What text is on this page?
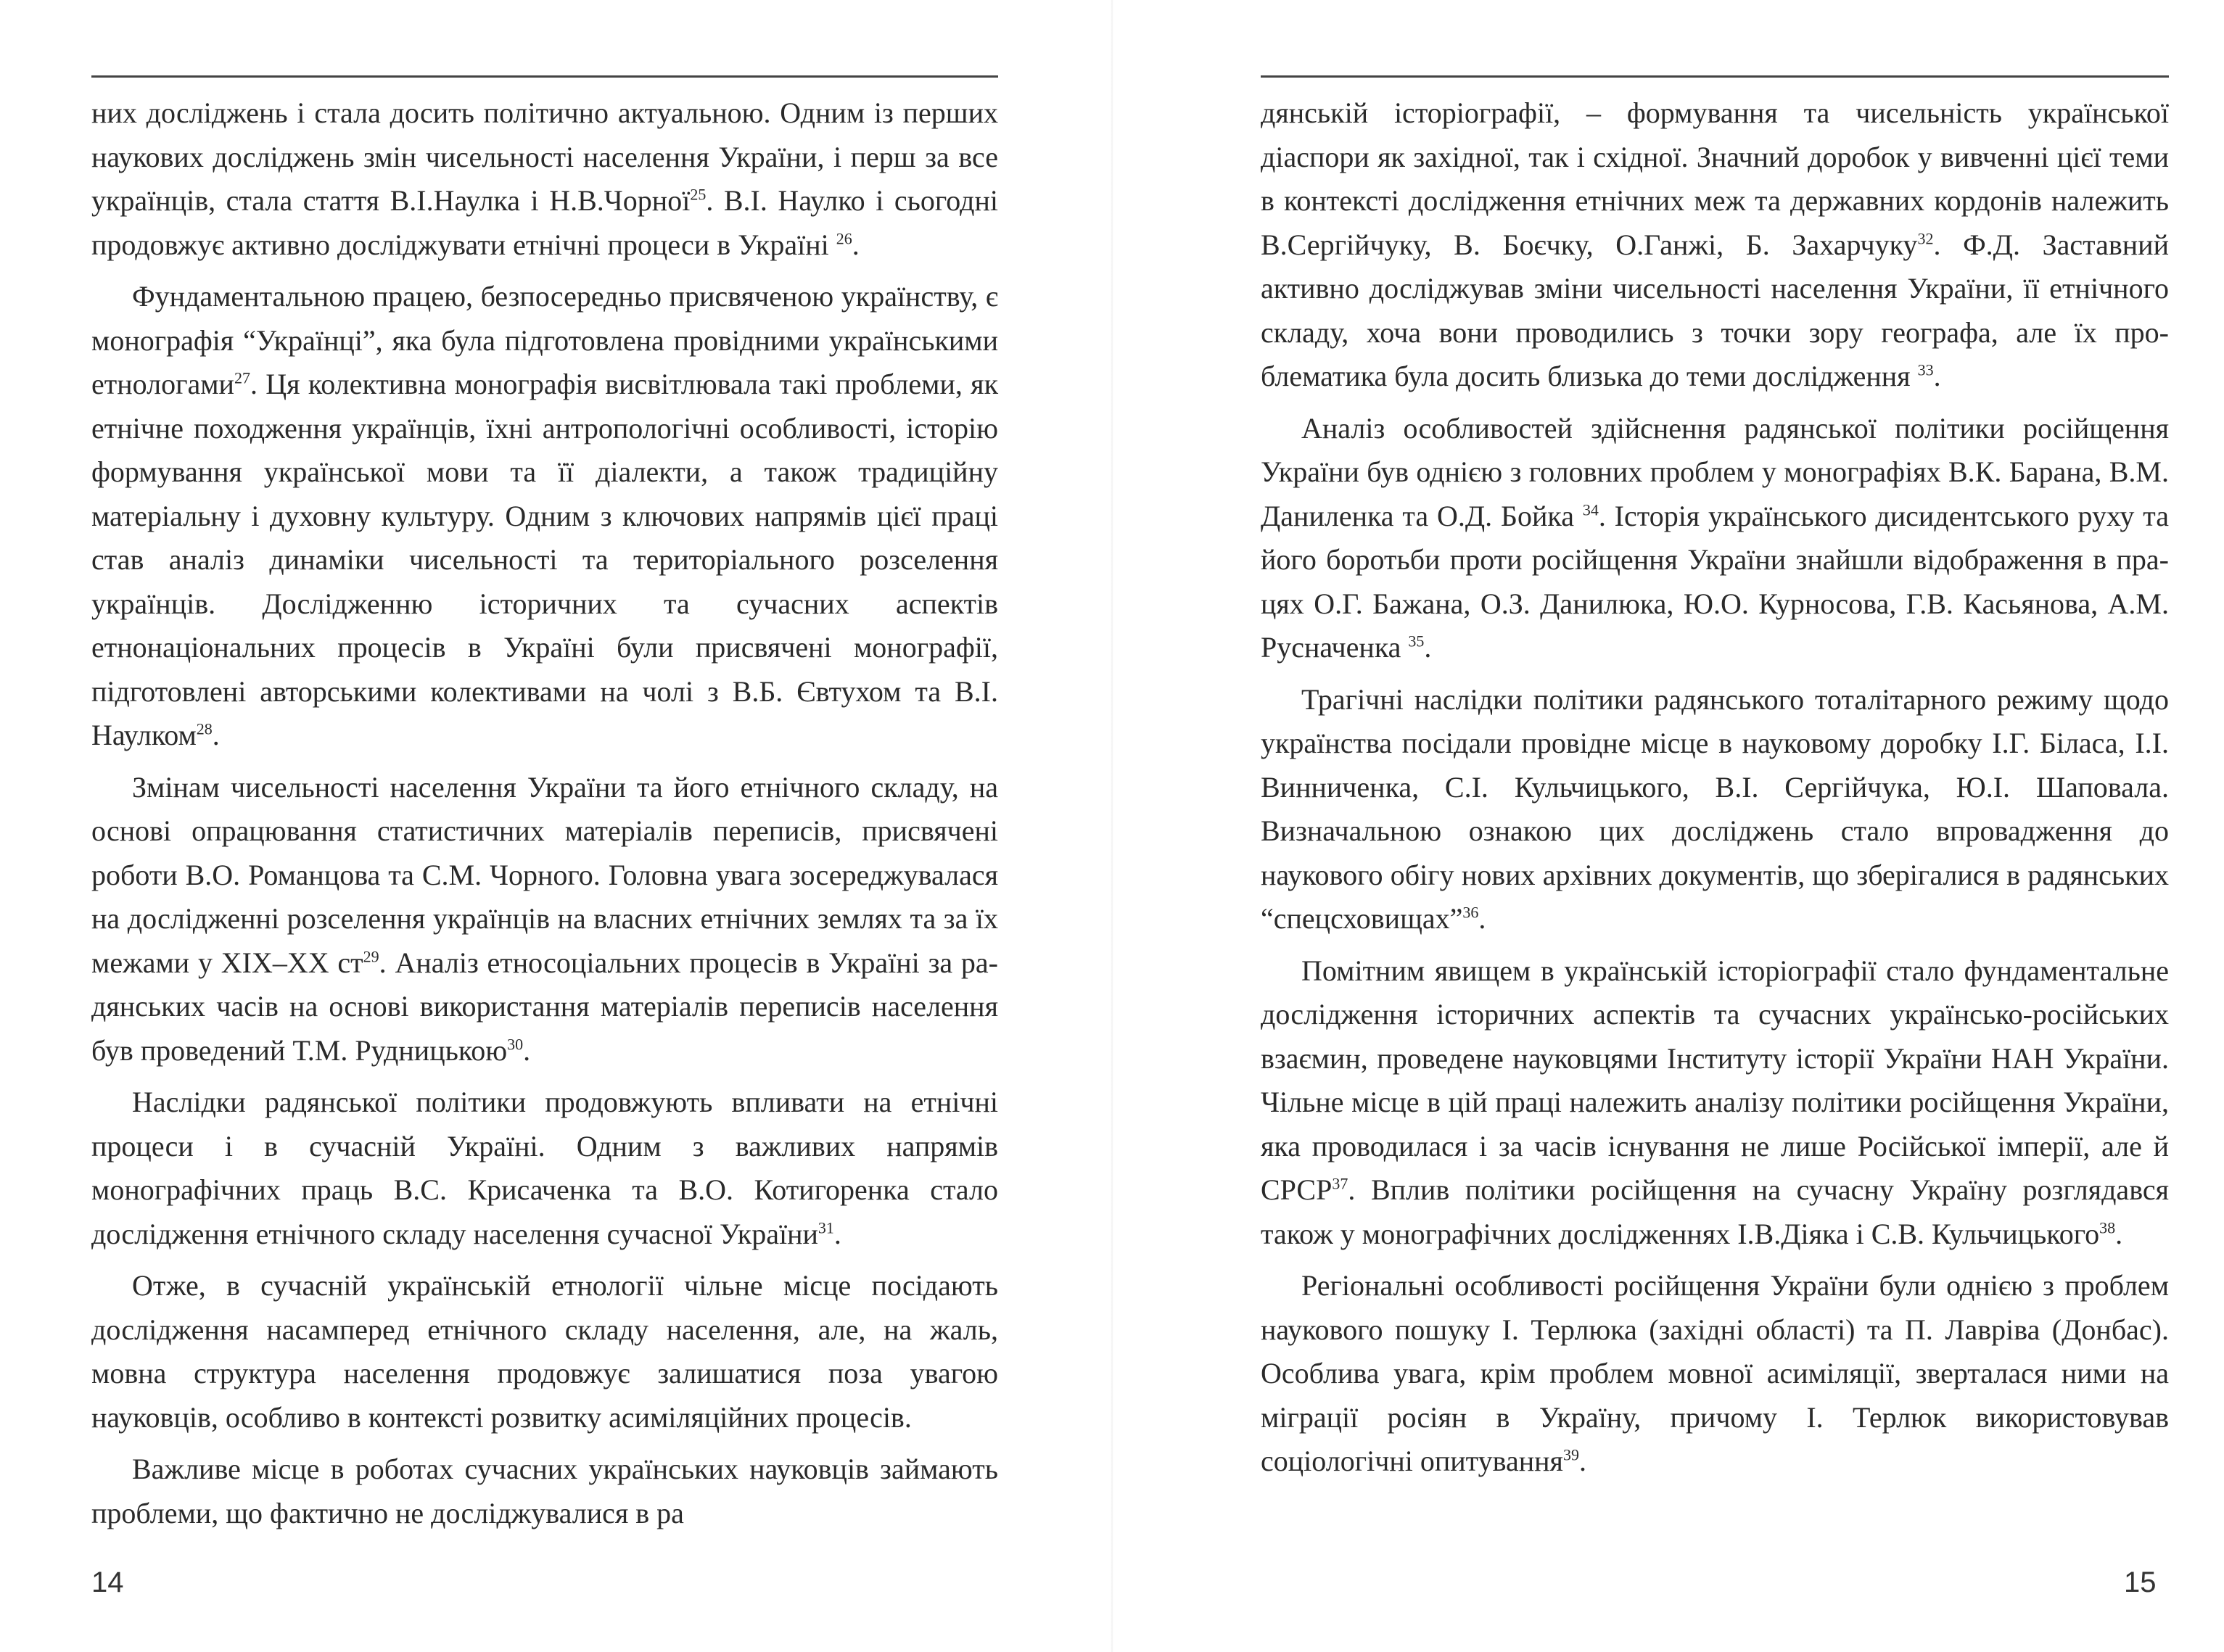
них досліджень і стала досить політично актуальною. Одним із перших наукових досліджень змін чисельності населення України, і перш за все українців, стала стаття В.І.Наулка і Н.В.Чорної$^{25}$. В.І. Наулко і сьогодні продовжує активно досліджувати етнічні процеси в Україні $^{26}$.

Фундаментальною працею, безпосередньо присвяченою українству, є монографія “Українці”, яка була підготовлена провідними українськими етнологами$^{27}$. Ця колективна монографія висвітлювала такі проблеми, як етнічне походження українців, їхні антропологічні особливості, історію формування української мови та її діалекти, а також традиційну матеріальну і духовну культуру. Одним з ключових напрямів цієї праці став аналіз динаміки чисельності та територіального розселення українців. Дослідженню історичних та сучасних аспектів етнонаціональних процесів в Україні були присвячені монографії, підготовлені авторськими колективами на чолі з В.Б. Євтухом та В.І. Наулком$^{28}$.

Змінам чисельності населення України та його етнічного складу, на основі опрацювання статистичних матеріалів переписів, присвячені роботи В.О. Романцова та С.М. Чорного. Головна увага зосереджувалася на дослідженні розселення українців на власних етнічних землях та за їх межами у XIX–XX $ст^{29}$. Аналіз етносоціальних процесів в Україні за радянських часів на основі використання матеріалів переписів населення був проведений Т.М. Рудницькою$^{30}$.

Наслідки радянської політики продовжують впливати на етнічні процеси і в сучасній Україні. Одним з важливих напрямів монографічних праць В.С. Крисаченка та В.О. Котигоренка стало дослідження етнічного складу населення сучасної України$^{31}$.

Отже, в сучасній українській етнології чільне місце посідають дослідження насамперед етнічного складу населення, але, на жаль, мовна структура населення продовжує залишатися поза увагою науковців, особливо в контексті розвитку асиміляційних процесів.

Важливе місце в роботах сучасних українських науковців займають проблеми, що фактично не досліджувалися в ра

14

дянській історіографії, – формування та чисельність української діаспори як західної, так і східної. Значний доробок у вивченні цієї теми в контексті дослідження етнічних меж та державних кордонів належить В.Сергійчуку, В. Боєчку, О.Ганжі, Б. Захарчуку$^{32}$. Ф.Д. Заставний активно досліджував зміни чисельності населення України, її етнічного складу, хоча вони проводились з точки зору географа, але їх проблематика була досить близька до теми дослідження $^{33}$.

Аналіз особливостей здійснення радянської політики російщення України був однією з головних проблем у монографіях В.К. Барана, В.М. Даниленка та О.Д. Бойка $^{34}$. Історія українського дисидентського руху та його боротьби проти російщення України знайшли відображення в працях О.Г. Бажана, О.З. Данилюка, Ю.О. Курносова, Г.В. Касьянова, А.М. Русначенка $^{35}$.

Трагічні наслідки політики радянського тоталітарного режиму щодо українства посідали провідне місце в науковому доробку І.Г. Біласа, І.І. Винниченка, С.І. Кульчицького, В.І. Сергійчука, Ю.І. Шаповала. Визначальною ознакою цих досліджень стало впровадження до наукового обігу нових архівних документів, що зберігалися в радянських “спецсховищах”$^{36}$.

Помітним явищем в українській історіографії стало фундаментальне дослідження історичних аспектів та сучасних українсько-російських взаємин, проведене науковцями Інституту історії України НАН України. Чільне місце в цій праці належить аналізу політики російщення України, яка проводилася і за часів існування не лише Російської імперії, але й СРСР$^{37}$. Вплив політики російщення на сучасну Україну розглядався також у монографічних дослідженнях І.В.Діяка і С.В. Кульчицького$^{38}$.

Регіональні особливості російщення України були однією з проблем наукового пошуку І. Терлюка (західні області) та П. Лавріва (Донбас). Особлива увага, крім проблем мовної асиміляції, зверталася ними на міграції росіян в Україну, причому І. Терлюк використовував соціологічні опитування$^{39}$.

15
